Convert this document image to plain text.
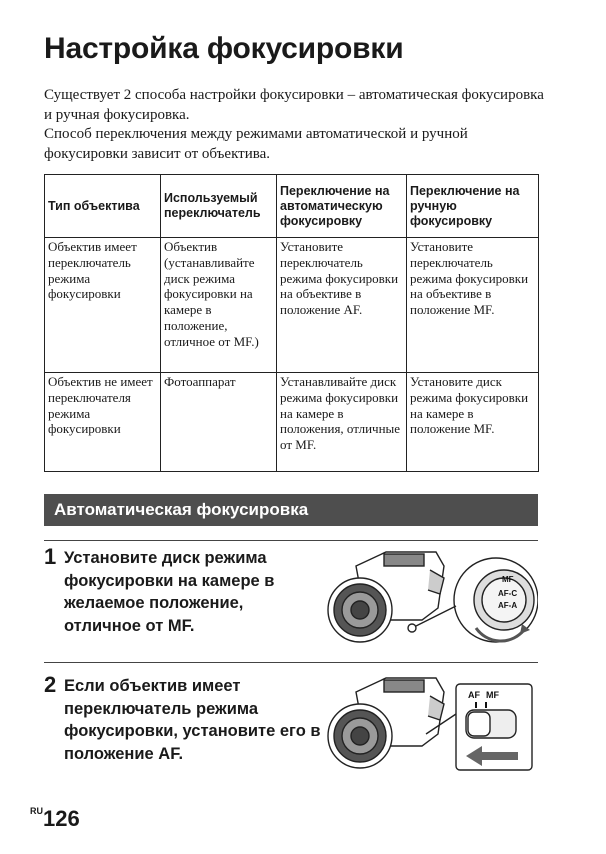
Настройка фокусировки

Существует 2 способа настройки фокусировки – автоматическая фокусировка и ручная фокусировка.

Способ переключения между режимами автоматической и ручной фокусировки зависит от объектива.

Тип объектива	Используемый переключатель	Переключение на автоматическую фокусировку	Переключение на ручную фокусировку
Объектив имеет переключатель режима фокусировки	Объектив (устанавливайте диск режима фокусировки на камере в положение, отличное от MF.)	Установите переключатель режима фокусировки на объективе в положение AF.	Установите переключатель режима фокусировки на объективе в положение MF.
Объектив не имеет переключателя режима фокусировки	Фотоаппарат	Устанавливайте диск режима фокусировки на камере в положения, отличные от MF.	Установите диск режима фокусировки на камере в положение MF.
Автоматическая фокусировка
1 Установите диск режима фокусировки на камере в желаемое положение, отличное от MF.
MF
AF-C
AF-A
2 Если объектив имеет переключатель режима фокусировки, установите его в положение AF.
AF MF
$^{RU}$126
